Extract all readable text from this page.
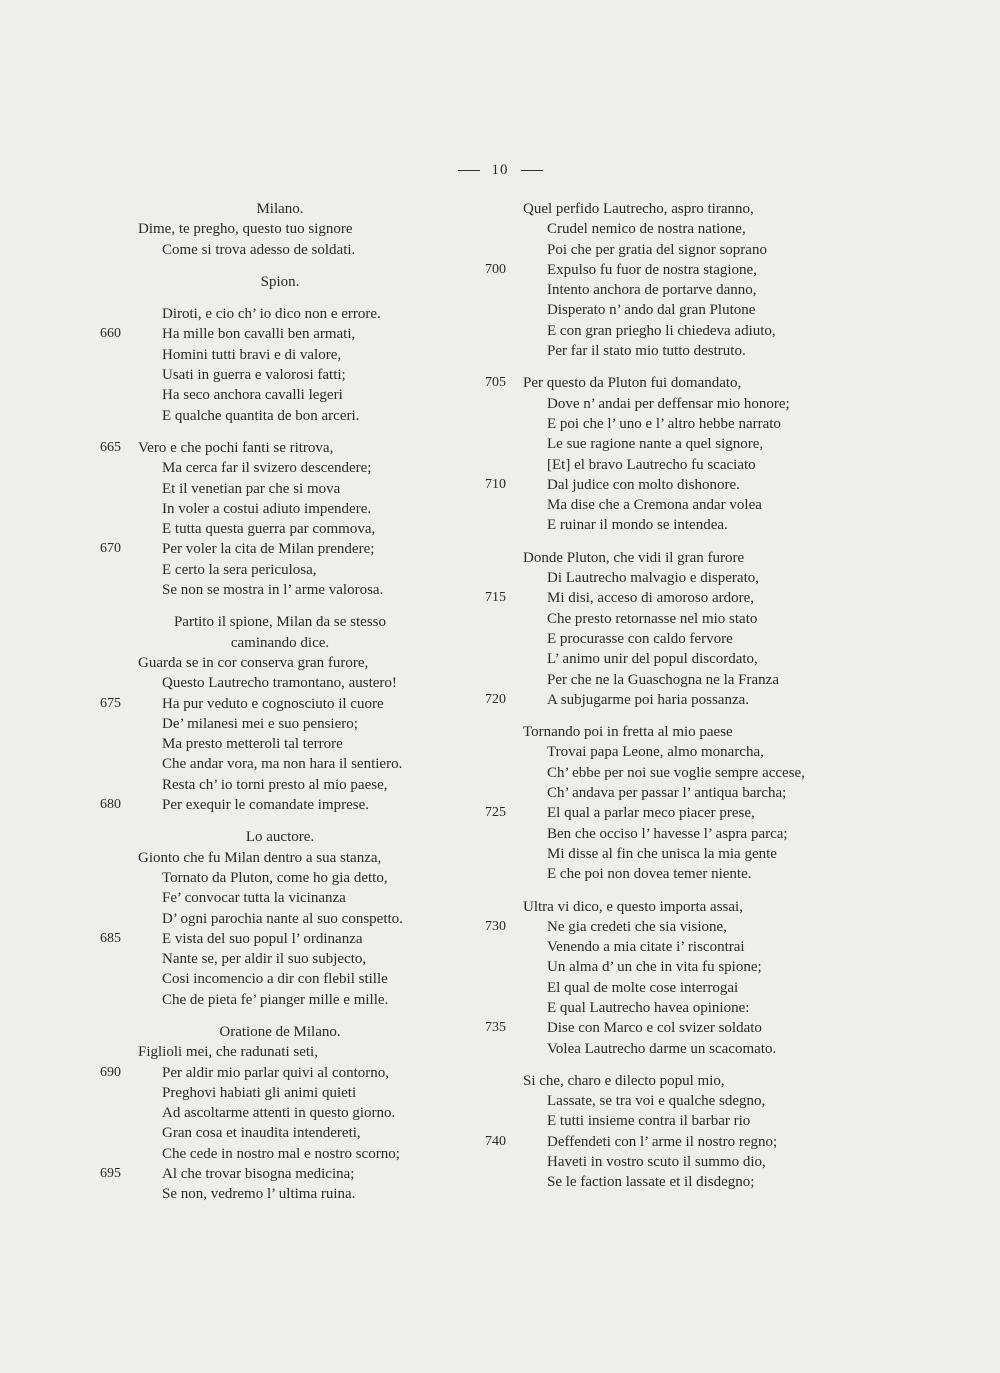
10
Milano.
Dime, te pregho, questo tuo signore
Come si trova adesso de soldati.
Spion.
Diroti, e cio ch’ io dico non e errore.
660	Ha mille bon cavalli ben armati,
Homini tutti bravi e di valore,
Usati in guerra e valorosi fatti;
Ha seco anchora cavalli legeri
E qualche quantita de bon arceri.
665	Vero e che pochi fanti se ritrova,
Ma cerca far il svizero descendere;
Et il venetian par che si mova
In voler a costui adiuto impendere.
E tutta questa guerra par commova,
670	Per voler la cita de Milan prendere;
E certo la sera periculosa,
Se non se mostra in l’ arme valorosa.
Partito il spione, Milan da se stesso
caminando dice.
Guarda se in cor conserva gran furore,
Questo Lautrecho tramontano, austero!
675	Ha pur veduto e cognosciuto il cuore
De’ milanesi mei e suo pensiero;
Ma presto metteroli tal terrore
Che andar vora, ma non hara il sentiero.
Resta ch’ io torni presto al mio paese,
680	Per exequir le comandate imprese.
Lo auctore.
Gionto che fu Milan dentro a sua stanza,
Tornato da Pluton, come ho gia detto,
Fe’ convocar tutta la vicinanza
D’ ogni parochia nante al suo conspetto.
685	E vista del suo popul l’ ordinanza
Nante se, per aldir il suo subjecto,
Cosi incomencio a dir con flebil stille
Che de pieta fe’ pianger mille e mille.
Oratione de Milano.
Figlioli mei, che radunati seti,
690	Per aldir mio parlar quivi al contorno,
Preghovi habiati gli animi quieti
Ad ascoltarme attenti in questo giorno.
Gran cosa et inaudita intendereti,
Che cede in nostro mal e nostro scorno;
695	Al che trovar bisogna medicina;
Se non, vedremo l’ ultima ruina.
Quel perfido Lautrecho, aspro tiranno,
Crudel nemico de nostra natione,
Poi che per gratia del signor soprano
700	Expulso fu fuor de nostra stagione,
Intento anchora de portarve danno,
Disperato n’ ando dal gran Plutone
E con gran priegho li chiedeva adiuto,
Per far il stato mio tutto destruto.
705	Per questo da Pluton fui domandato,
Dove n’ andai per deffensar mio honore;
E poi che l’ uno e l’ altro hebbe narrato
Le sue ragione nante a quel signore,
[Et] el bravo Lautrecho fu scaciato
710	Dal judice con molto dishonore.
Ma dise che a Cremona andar volea
E ruinar il mondo se intendea.
Donde Pluton, che vidi il gran furore
Di Lautrecho malvagio e disperato,
715	Mi disi, acceso di amoroso ardore,
Che presto retornasse nel mio stato
E procurasse con caldo fervore
L’ animo unir del popul discordato,
Per che ne la Guaschogna ne la Franza
720	A subjugarme poi haria possanza.
Tornando poi in fretta al mio paese
Trovai papa Leone, almo monarcha,
Ch’ ebbe per noi sue voglie sempre accese,
Ch’ andava per passar l’ antiqua barcha;
725	El qual a parlar meco piacer prese,
Ben che occiso l’ havesse l’ aspra parca;
Mi disse al fin che unisca la mia gente
E che poi non dovea temer niente.
Ultra vi dico, e questo importa assai,
730	Ne gia credeti che sia visione,
Venendo a mia citate i’ riscontrai
Un alma d’ un che in vita fu spione;
El qual de molte cose interrogai
E qual Lautrecho havea opinione:
735	Dise con Marco e col svizer soldato
Volea Lautrecho darme un scacomato.
Si che, charo e dilecto popul mio,
Lassate, se tra voi e qualche sdegno,
E tutti insieme contra il barbar rio
740	Deffendeti con l’ arme il nostro regno;
Haveti in vostro scuto il summo dio,
Se le faction lassate et il disdegno;
